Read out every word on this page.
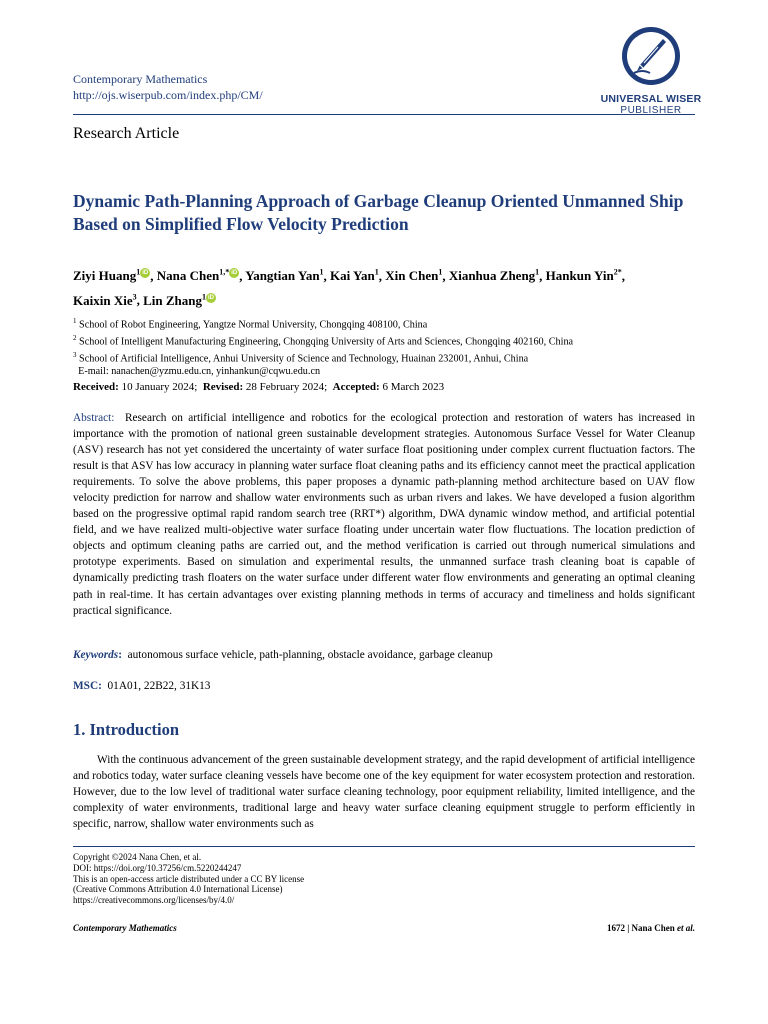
Contemporary Mathematics
http://ojs.wiserpub.com/index.php/CM/	UNIVERSAL WISER
PUBLISHER
Research Article
Dynamic Path-Planning Approach of Garbage Cleanup Oriented Unmanned Ship Based on Simplified Flow Velocity Prediction
Ziyi Huang$^1$ iD , Nana Chen$^{1,*}$ iD , Yangtian Yan$^1$, Kai Yan$^1$, Xin Chen$^1$, Xianhua Zheng$^1$, Hankun Yin$^{2*}$,
Kaixin Xie$^3$, Lin Zhang$^1$ iD
$^1$ School of Robot Engineering, Yangtze Normal University, Chongqing 408100, China
$^2$ School of Intelligent Manufacturing Engineering, Chongqing University of Arts and Sciences, Chongqing 402160, China
$^3$ School of Artificial Intelligence, Anhui University of Science and Technology, Huainan 232001, Anhui, China
E-mail: nanachen@yzmu.edu.cn, yinhankun@cqwu.edu.cn
Received: 10 January 2024; Revised: 28 February 2024; Accepted: 6 March 2023
Abstract: Research on artificial intelligence and robotics for the ecological protection and restoration of waters has increased in importance with the promotion of national green sustainable development strategies. Autonomous Surface Vessel for Water Cleanup (ASV) research has not yet considered the uncertainty of water surface float positioning under complex current fluctuation factors. The result is that ASV has low accuracy in planning water surface float cleaning paths and its efficiency cannot meet the practical application requirements. To solve the above problems, this paper proposes a dynamic path-planning method architecture based on UAV flow velocity prediction for narrow and shallow water environments such as urban rivers and lakes. We have developed a fusion algorithm based on the progressive optimal rapid random search tree (RRT*) algorithm, DWA dynamic window method, and artificial potential field, and we have realized multi-objective water surface floating under uncertain water flow fluctuations. The location prediction of objects and optimum cleaning paths are carried out, and the method verification is carried out through numerical simulations and prototype experiments. Based on simulation and experimental results, the unmanned surface trash cleaning boat is capable of dynamically predicting trash floaters on the water surface under different water flow environments and generating an optimal cleaning path in real-time. It has certain advantages over existing planning methods in terms of accuracy and timeliness and holds significant practical significance.
Keywords: autonomous surface vehicle, path-planning, obstacle avoidance, garbage cleanup
MSC: 01A01, 22B22, 31K13
1. Introduction
With the continuous advancement of the green sustainable development strategy, and the rapid development of artificial intelligence and robotics today, water surface cleaning vessels have become one of the key equipment for water ecosystem protection and restoration. However, due to the low level of traditional water surface cleaning technology, poor equipment reliability, limited intelligence, and the complexity of water environments, traditional large and heavy water surface cleaning equipment struggle to perform efficiently in specific, narrow, shallow water environments such as
Copyright ©2024 Nana Chen, et al.
DOI: https://doi.org/10.37256/cm.5220244247
This is an open-access article distributed under a CC BY license
(Creative Commons Attribution 4.0 International License)
https://creativecommons.org/licenses/by/4.0/
Contemporary Mathematics	1672 | Nana Chen et al.
